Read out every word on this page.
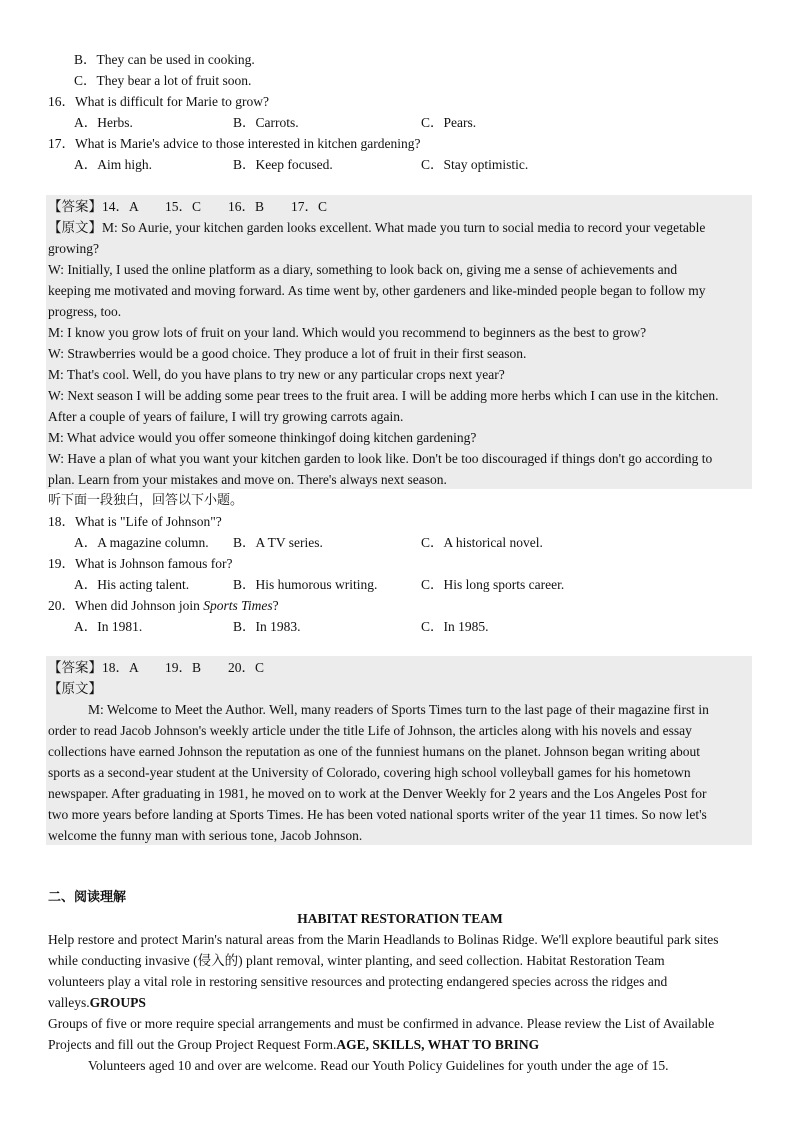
B．They can be used in cooking.
C．They bear a lot of fruit soon.
16．What is difficult for Marie to grow?
A．Herbs.	B．Carrots.	C．Pears.
17．What is Marie's advice to those interested in kitchen gardening?
A．Aim high.	B．Keep focused.	C．Stay optimistic.
【答案】14．A　　15．C　　16．B　　17．C
【原文】M: So Aurie, your kitchen garden looks excellent. What made you turn to social media to record your vegetable
growing?
W: Initially, I used the online platform as a diary, something to look back on, giving me a sense of achievements and
keeping me motivated and moving forward. As time went by, other gardeners and like-minded people began to follow my
progress, too.
M: I know you grow lots of fruit on your land. Which would you recommend to beginners as the best to grow?
W: Strawberries would be a good choice. They produce a lot of fruit in their first season.
M: That's cool. Well, do you have plans to try new or any particular crops next year?
W: Next season I will be adding some pear trees to the fruit area. I will be adding more herbs which I can use in the kitchen.
After a couple of years of failure, I will try growing carrots again.
M: What advice would you offer someone thinkingof doing kitchen gardening?
W: Have a plan of what you want your kitchen garden to look like. Don't be too discouraged if things don't go according to
plan. Learn from your mistakes and move on. There's always next season.
听下面一段独白，回答以下小题。
18．What is "Life of Johnson"?
A．A magazine column. B．A TV series.	C．A historical novel.
19．What is Johnson famous for?
A．His acting talent.	B．His humorous writing.	C．His long sports career.
20．When did Johnson join Sports Times?
A．In 1981.	B．In 1983.	C．In 1985.
【答案】18．A　　19．B　　20．C
【原文】
M: Welcome to Meet the Author. Well, many readers of Sports Times turn to the last page of their magazine first in
order to read Jacob Johnson's weekly article under the title Life of Johnson, the articles along with his novels and essay
collections have earned Johnson the reputation as one of the funniest humans on the planet. Johnson began writing about
sports as a second-year student at the University of Colorado, covering high school volleyball games for his hometown
newspaper. After graduating in 1981, he moved on to work at the Denver Weekly for 2 years and the Los Angeles Post for
two more years before landing at Sports Times. He has been voted national sports writer of the year 11 times. So now let's
welcome the funny man with serious tone, Jacob Johnson.
二、阅读理解
HABITAT RESTORATION TEAM
Help restore and protect Marin's natural areas from the Marin Headlands to Bolinas Ridge. We'll explore beautiful park sites
while conducting invasive (侵入的) plant removal, winter planting, and seed collection. Habitat Restoration Team
volunteers play a vital role in restoring sensitive resources and protecting endangered species across the ridges and
valleys.GROUPS
Groups of five or more require special arrangements and must be confirmed in advance. Please review the List of Available
Projects and fill out the Group Project Request Form.AGE, SKILLS, WHAT TO BRING
Volunteers aged 10 and over are welcome. Read our Youth Policy Guidelines for youth under the age of 15.
